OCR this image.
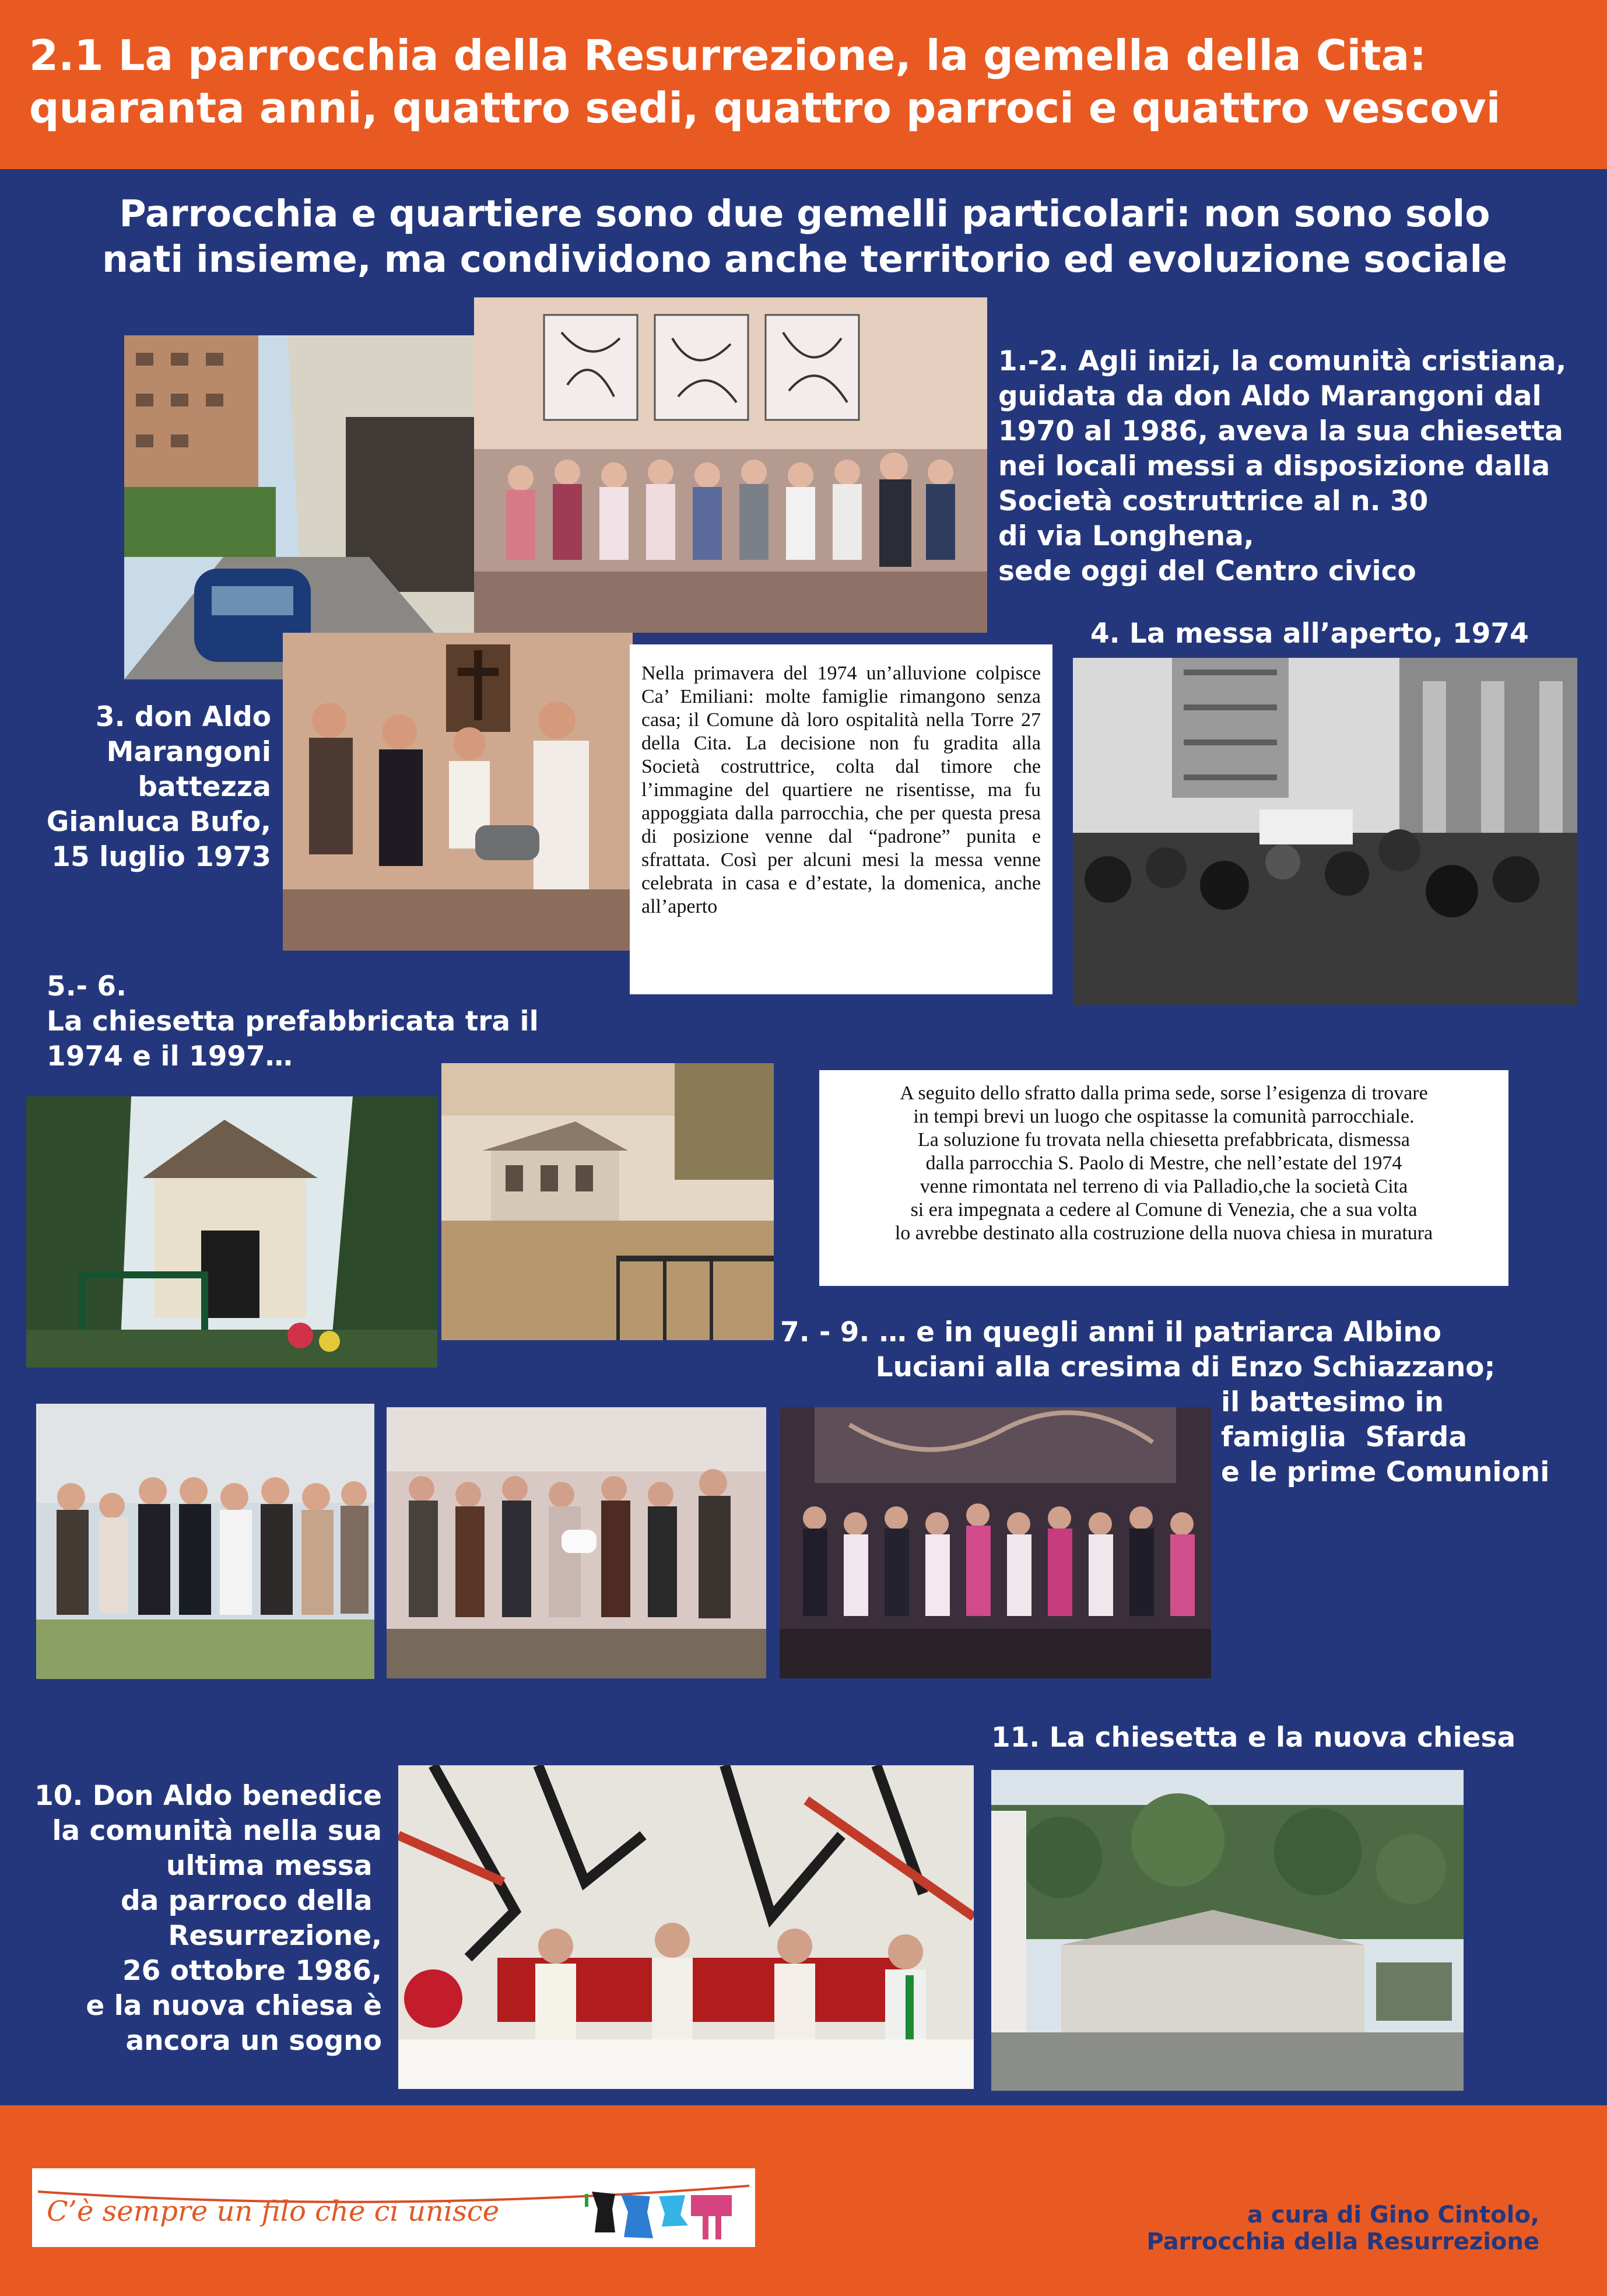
2.1 La parrocchia della Resurrezione, la gemella della Cita:
quaranta anni, quattro sedi, quattro parroci e quattro vescovi
Parrocchia e quartiere sono due gemelli particolari: non sono solo
nati insieme, ma condividono anche territorio ed evoluzione sociale
1.-2. Agli inizi, la comunità cristiana,
guidata da don Aldo Marangoni dal
1970 al 1986, aveva la sua chiesetta
nei locali messi a disposizione dalla
Società costruttrice al n. 30
di via Longhena,
sede oggi del Centro civico
3. don Aldo
Marangoni
battezza
Gianluca Bufo,
15 luglio 1973
Nella primavera del 1974 un’alluvione colpisce Ca’ Emiliani: molte famiglie rimangono senza casa; il Comune dà loro ospitalità nella Torre 27 della Cita. La decisione non fu gradita alla Società costruttrice, colta dal timore che l’immagine del quartiere ne risentisse, ma fu appoggiata dalla parrocchia, che per questa presa di posizione venne dal “padrone” punita e sfrattata. Così per alcuni mesi la messa venne celebrata in casa e d’estate, la domenica, anche all’aperto
4. La messa all’aperto, 1974
5.- 6.
La chiesetta prefabbricata tra il
1974 e il 1997…
A seguito dello sfratto dalla prima sede, sorse l’esigenza di trovare
in tempi brevi un luogo che ospitasse la comunità parrocchiale.
La soluzione fu trovata nella chiesetta prefabbricata, dismessa
dalla parrocchia S. Paolo di Mestre, che nell’estate del 1974
venne rimontata nel terreno di via Palladio,che la società Cita
si era impegnata a cedere al Comune di Venezia, che a sua volta
lo avrebbe destinato alla costruzione della nuova chiesa in muratura
7. - 9. … e in quegli anni il patriarca Albino
Luciani alla cresima di Enzo Schiazzano;
il battesimo in
famiglia  Sfarda
e le prime Comunioni
11. La chiesetta e la nuova chiesa
10. Don Aldo benedice
la comunità nella sua
ultima messa
da parroco della
Resurrezione,
26 ottobre 1986,
e la nuova chiesa è
ancora un sogno
C’è sempre un filo che ci unisce	a cura di Gino Cintolo,
Parrocchia della Resurrezione
